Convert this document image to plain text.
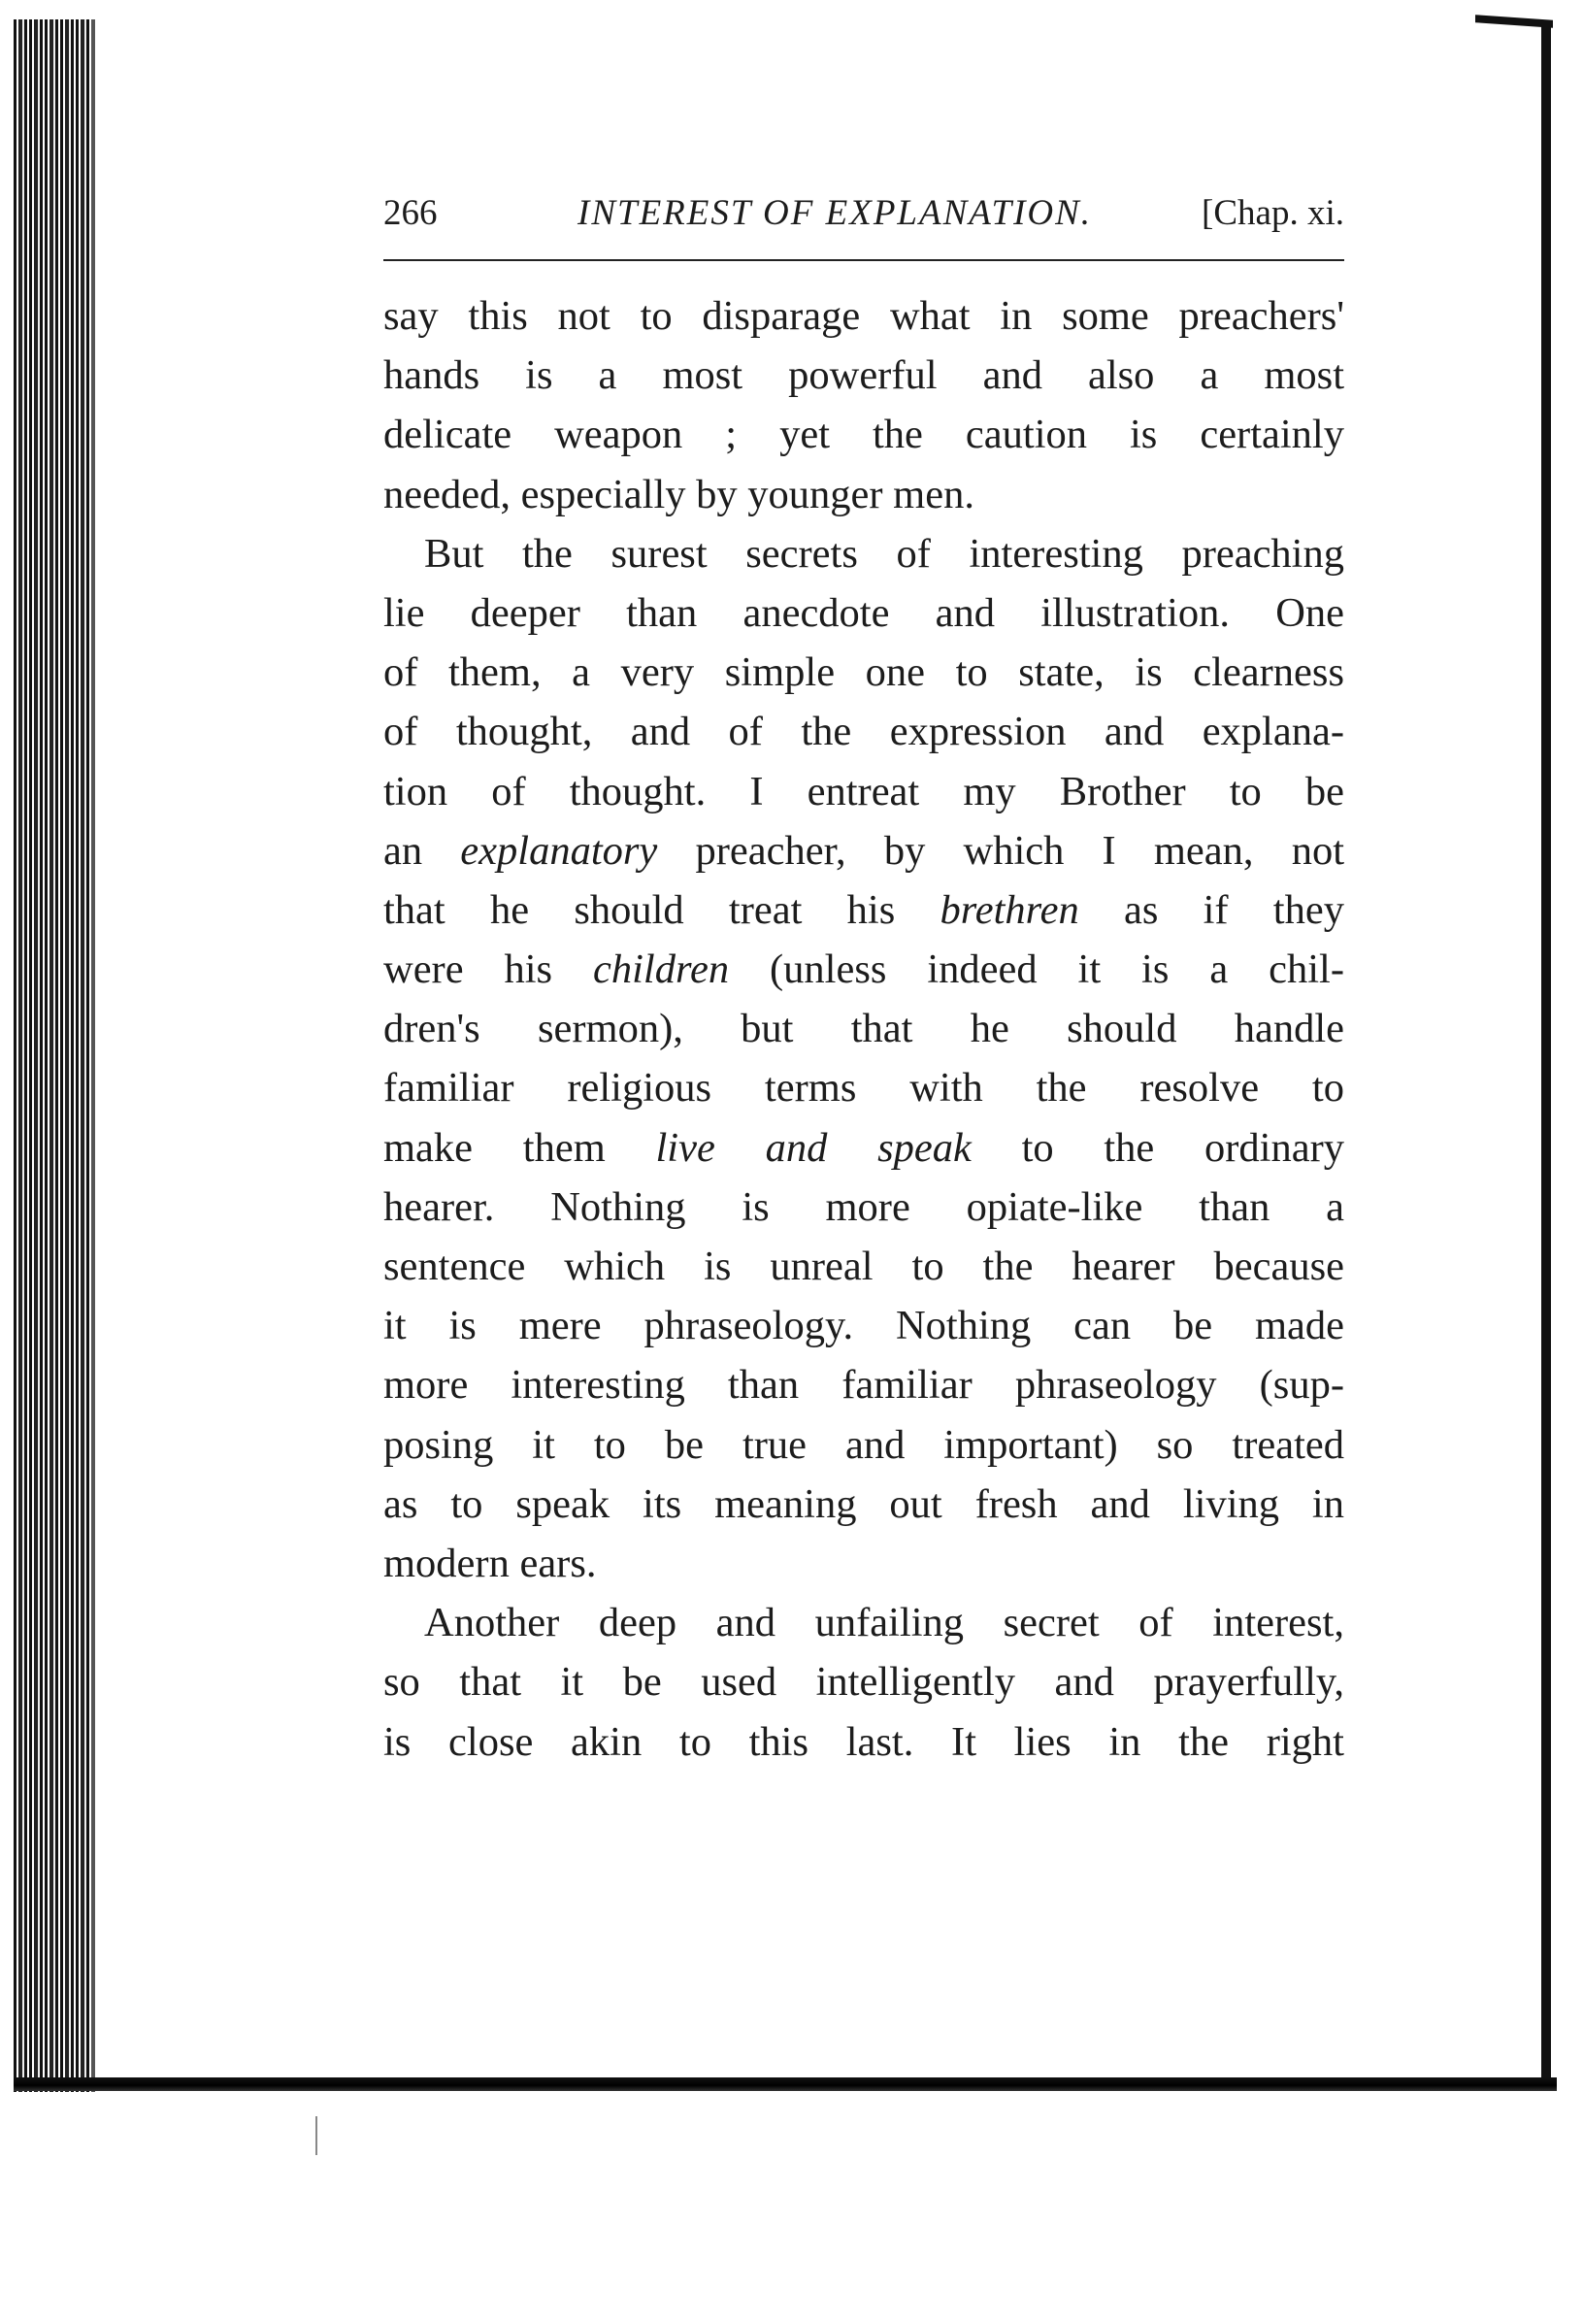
266	INTEREST OF EXPLANATION.	[Chap. xi.
say this not to disparage what in some preachers'
hands is a most powerful and also a most
delicate weapon ; yet the caution is certainly
needed, especially by younger men.
But the surest secrets of interesting preaching
lie deeper than anecdote and illustration. One
of them, a very simple one to state, is clearness
of thought, and of the expression and explana-
tion of thought. I entreat my Brother to be
an explanatory preacher, by which I mean, not
that he should treat his brethren as if they
were his children (unless indeed it is a chil-
dren's sermon), but that he should handle
familiar religious terms with the resolve to
make them live and speak to the ordinary
hearer. Nothing is more opiate-like than a
sentence which is unreal to the hearer because
it is mere phraseology. Nothing can be made
more interesting than familiar phraseology (sup-
posing it to be true and important) so treated
as to speak its meaning out fresh and living in
modern ears.
Another deep and unfailing secret of interest,
so that it be used intelligently and prayerfully,
is close akin to this last. It lies in the right
